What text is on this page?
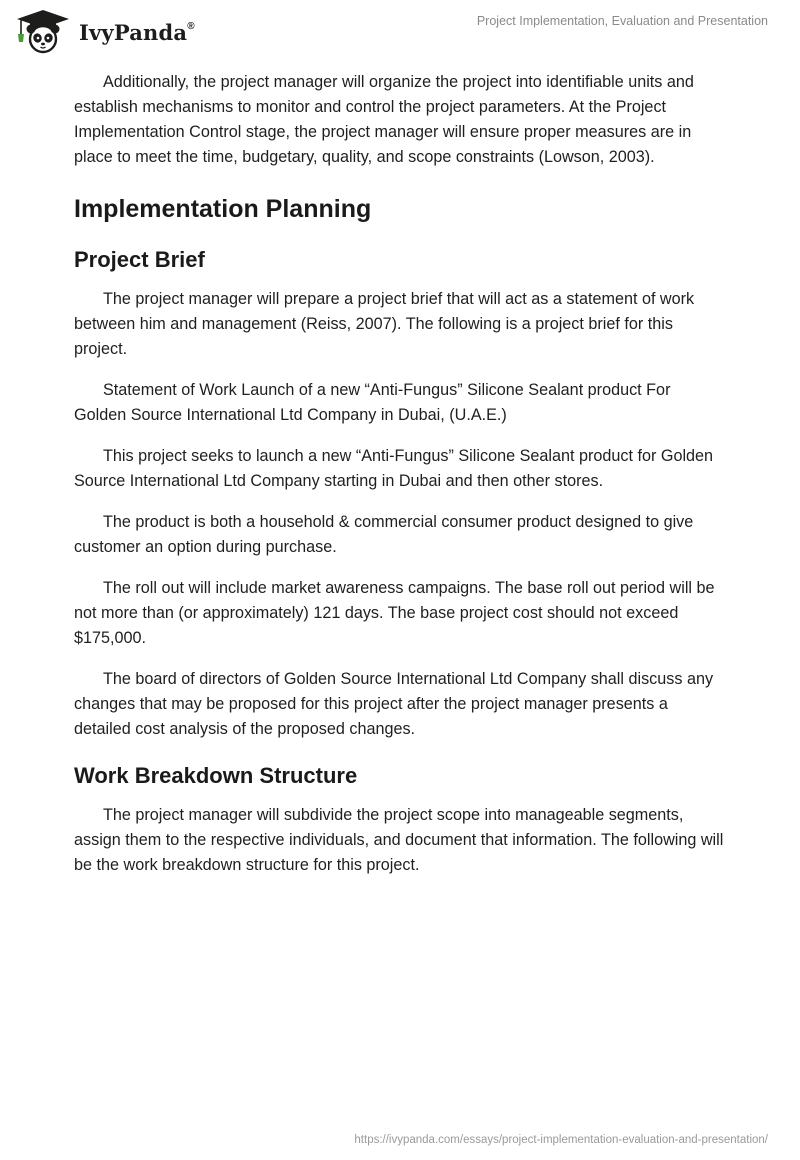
IvyPanda®	Project Implementation, Evaluation and Presentation

Additionally, the project manager will organize the project into identifiable units and establish mechanisms to monitor and control the project parameters. At the Project Implementation Control stage, the project manager will ensure proper measures are in place to meet the time, budgetary, quality, and scope constraints (Lowson, 2003).

Implementation Planning
Project Brief

The project manager will prepare a project brief that will act as a statement of work between him and management (Reiss, 2007). The following is a project brief for this project.

Statement of Work Launch of a new “Anti-Fungus” Silicone Sealant product For Golden Source International Ltd Company in Dubai, (U.A.E.)

This project seeks to launch a new “Anti-Fungus” Silicone Sealant product for Golden Source International Ltd Company starting in Dubai and then other stores.

The product is both a household & commercial consumer product designed to give customer an option during purchase.

The roll out will include market awareness campaigns. The base roll out period will be not more than (or approximately) 121 days. The base project cost should not exceed $175,000.

The board of directors of Golden Source International Ltd Company shall discuss any changes that may be proposed for this project after the project manager presents a detailed cost analysis of the proposed changes.

Work Breakdown Structure

The project manager will subdivide the project scope into manageable segments, assign them to the respective individuals, and document that information. The following will be the work breakdown structure for this project.

https://ivypanda.com/essays/project-implementation-evaluation-and-presentation/
